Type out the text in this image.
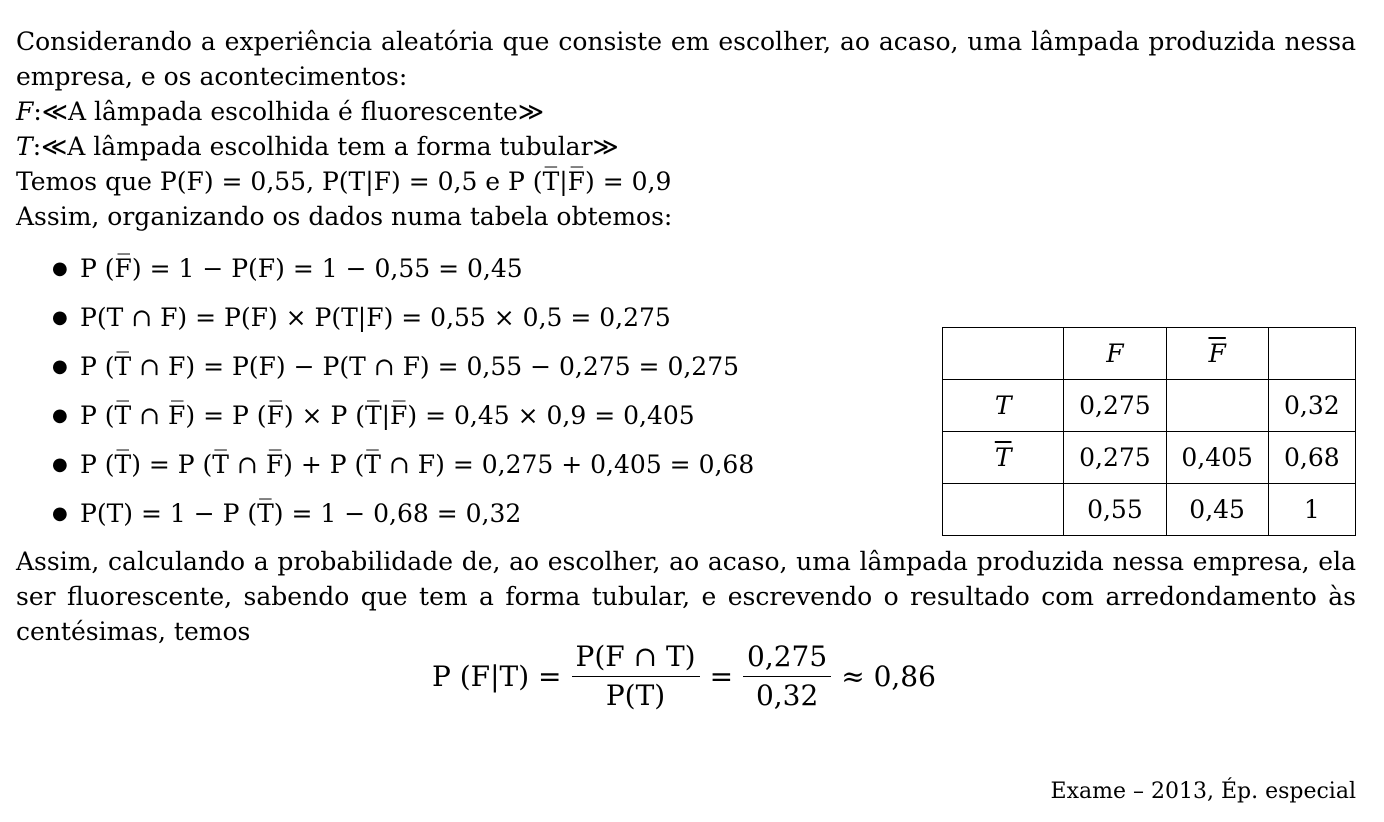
Considerando a experiência aleatória que consiste em escolher, ao acaso, uma lâmpada produzida nessa empresa, e os acontecimentos:

F:≪A lâmpada escolhida é fluorescente≫

T:≪A lâmpada escolhida tem a forma tubular≫

Temos que P(F) = 0,55, P(T|F) = 0,5 e P (T̅|F̅) = 0,9

Assim, organizando os dados numa tabela obtemos:

● P (F̅) = 1 − P(F) = 1 − 0,55 = 0,45
● P(T ∩ F) = P(F) × P(T|F) = 0,55 × 0,5 = 0,275
● P (T̅ ∩ F) = P(F) − P(T ∩ F) = 0,55 − 0,275 = 0,275
● P (T̅ ∩ F̅) = P (F̅) × P (T̅|F̅) = 0,45 × 0,9 = 0,405
● P (T̅) = P (T̅ ∩ F̅) + P (T̅ ∩ F) = 0,275 + 0,405 = 0,68
● P(T) = 1 − P (T̅) = 1 − 0,68 = 0,32
	F	$\overline{F}$	
T	0,275		0,32
$\overline{T}$	0,275	0,405	0,68
	0,55	0,45	1

Assim, calculando a probabilidade de, ao escolher, ao acaso, uma lâmpada produzida nessa empresa, ela ser fluorescente, sabendo que tem a forma tubular, e escrevendo o resultado com arredondamento às centésimas, temos

P $(F|T) = \frac{P(F \cap T)}{P(T)} = \frac{0,275}{0,32} \approx 0,86$
Exame – 2013, Ép. especial
